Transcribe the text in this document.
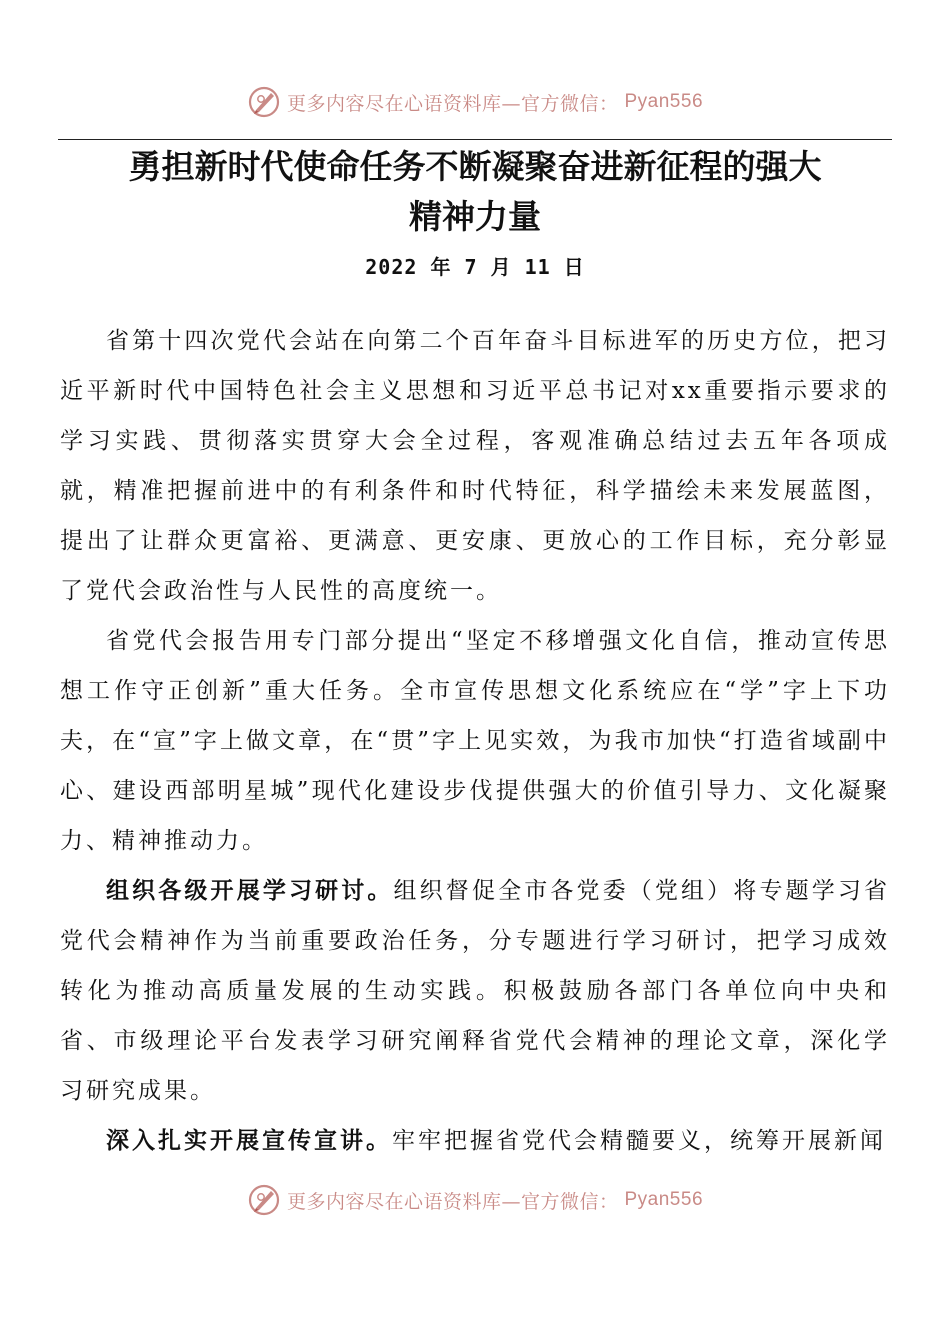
更多内容尽在心语资料库—官方微信： Pyan556
勇担新时代使命任务不断凝聚奋进新征程的强大
精神力量
2022 年 7 月 11 日

省第十四次党代会站在向第二个百年奋斗目标进军的历史方位，把习近平新时代中国特色社会主义思想和习近平总书记对xx重要指示要求的学习实践、贯彻落实贯穿大会全过程，客观准确总结过去五年各项成就，精准把握前进中的有利条件和时代特征，科学描绘未来发展蓝图，提出了让群众更富裕、更满意、更安康、更放心的工作目标，充分彰显了党代会政治性与人民性的高度统一。

省党代会报告用专门部分提出“坚定不移增强文化自信，推动宣传思想工作守正创新”重大任务。全市宣传思想文化系统应在“学”字上下功夫，在“宣”字上做文章，在“贯”字上见实效，为我市加快“打造省域副中心、建设西部明星城”现代化建设步伐提供强大的价值引导力、文化凝聚力、精神推动力。

组织各级开展学习研讨。组织督促全市各党委（党组）将专题学习省党代会精神作为当前重要政治任务，分专题进行学习研讨，把学习成效转化为推动高质量发展的生动实践。积极鼓励各部门各单位向中央和省、市级理论平台发表学习研究阐释省党代会精神的理论文章，深化学习研究成果。

深入扎实开展宣传宣讲。牢牢把握省党代会精髓要义，统筹开展新闻

更多内容尽在心语资料库—官方微信： Pyan556
